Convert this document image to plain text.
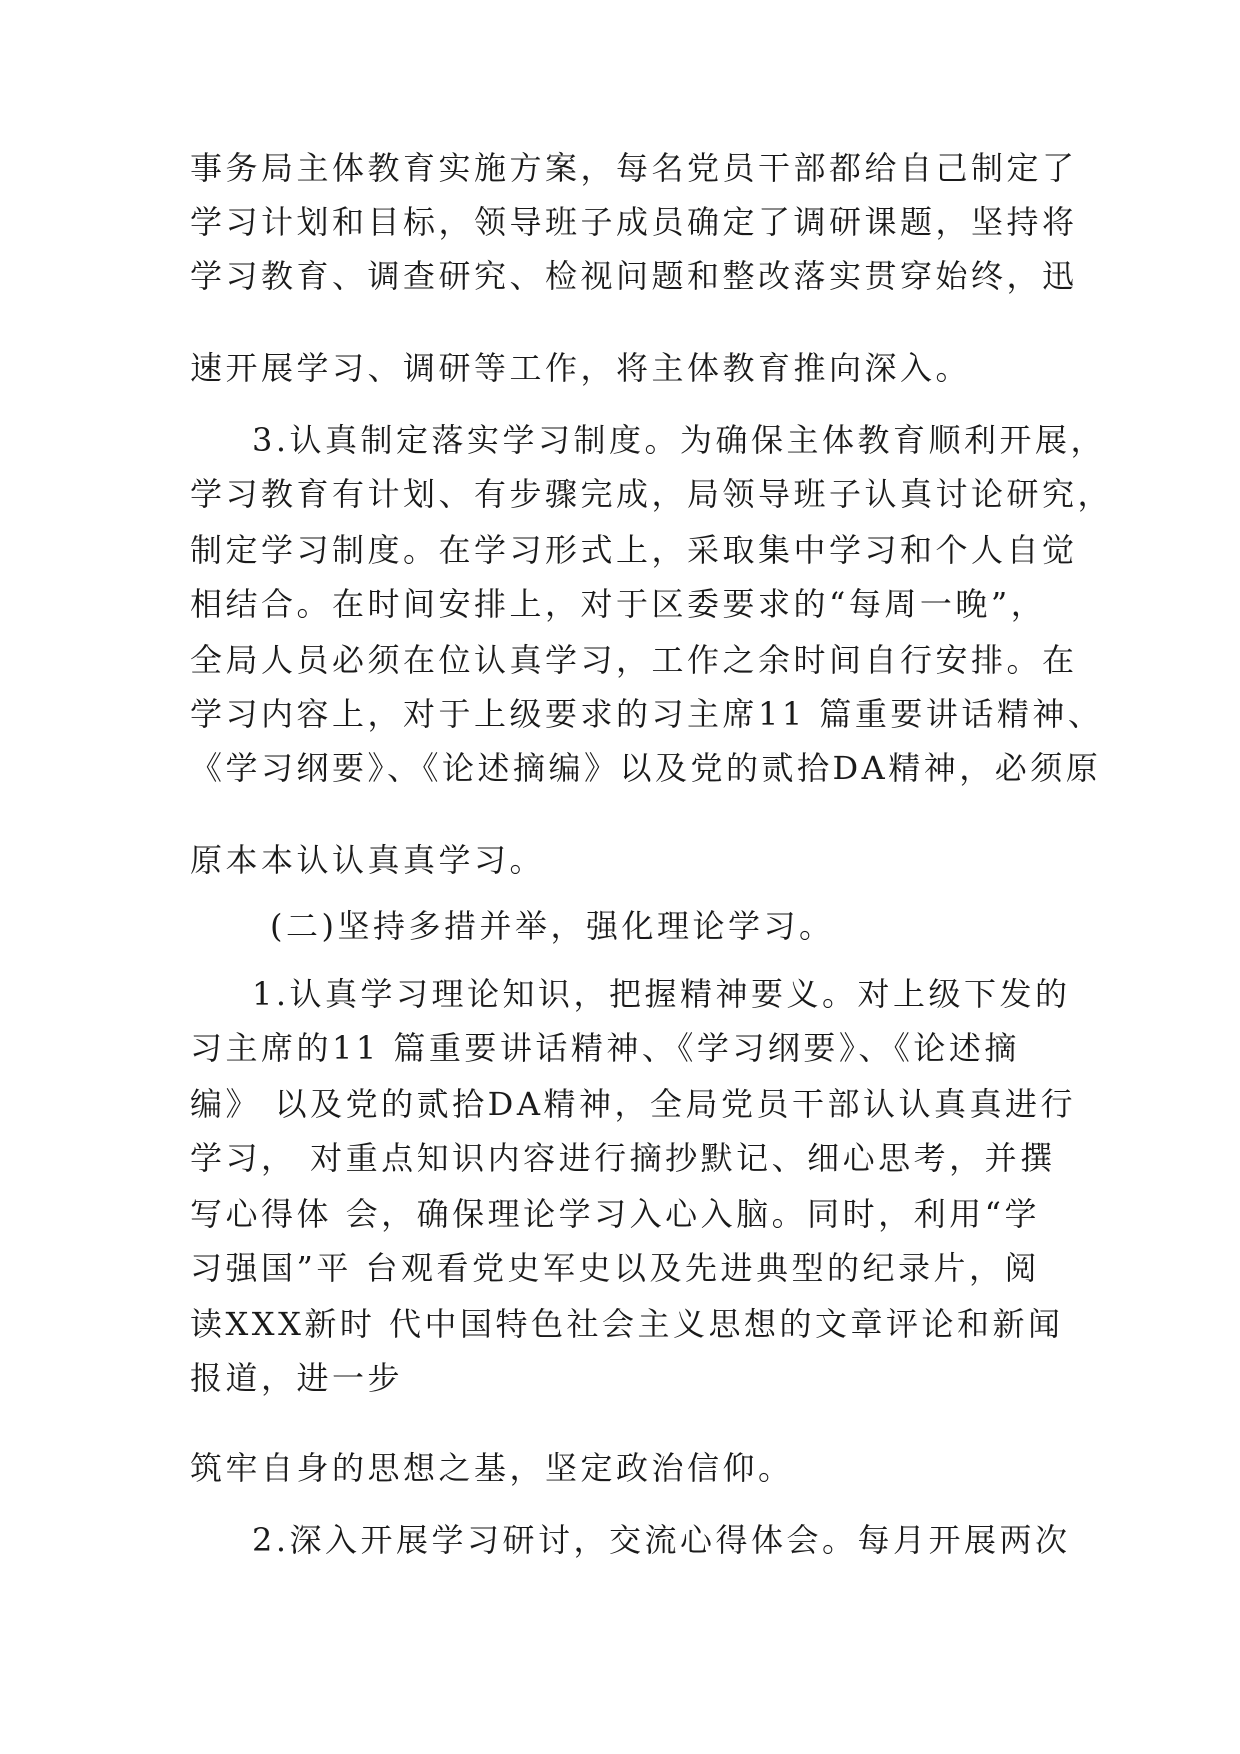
事务局主体教育实施方案，每名党员干部都给自己制定了

学习计划和目标，领导班子成员确定了调研课题，坚持将

学习教育、调查研究、检视问题和整改落实贯穿始终，迅

速开展学习、调研等工作，将主体教育推向深入。

3.认真制定落实学习制度。为确保主体教育顺利开展，

学习教育有计划、有步骤完成，局领导班子认真讨论研究，

制定学习制度。在学习形式上，采取集中学习和个人自觉

相结合。在时间安排上，对于区委要求的“每周一晚”，

全局人员必须在位认真学习，工作之余时间自行安排。在

学习内容上，对于上级要求的习主席11 篇重要讲话精神、

《学习纲要》、《论述摘编》以及党的贰拾DA精神，必须原

原本本认认真真学习。

(二)坚持多措并举，强化理论学习。

1.认真学习理论知识，把握精神要义。对上级下发的

习主席的11 篇重要讲话精神、《学习纲要》、《论述摘

编》 以及党的贰拾DA精神，全局党员干部认认真真进行

学习， 对重点知识内容进行摘抄默记、细心思考，并撰

写心得体 会，确保理论学习入心入脑。同时，利用“学

习强国”平 台观看党史军史以及先进典型的纪录片，阅

读XXX新时 代中国特色社会主义思想的文章评论和新闻

报道，进一步

筑牢自身的思想之基，坚定政治信仰。

2.深入开展学习研讨，交流心得体会。每月开展两次
